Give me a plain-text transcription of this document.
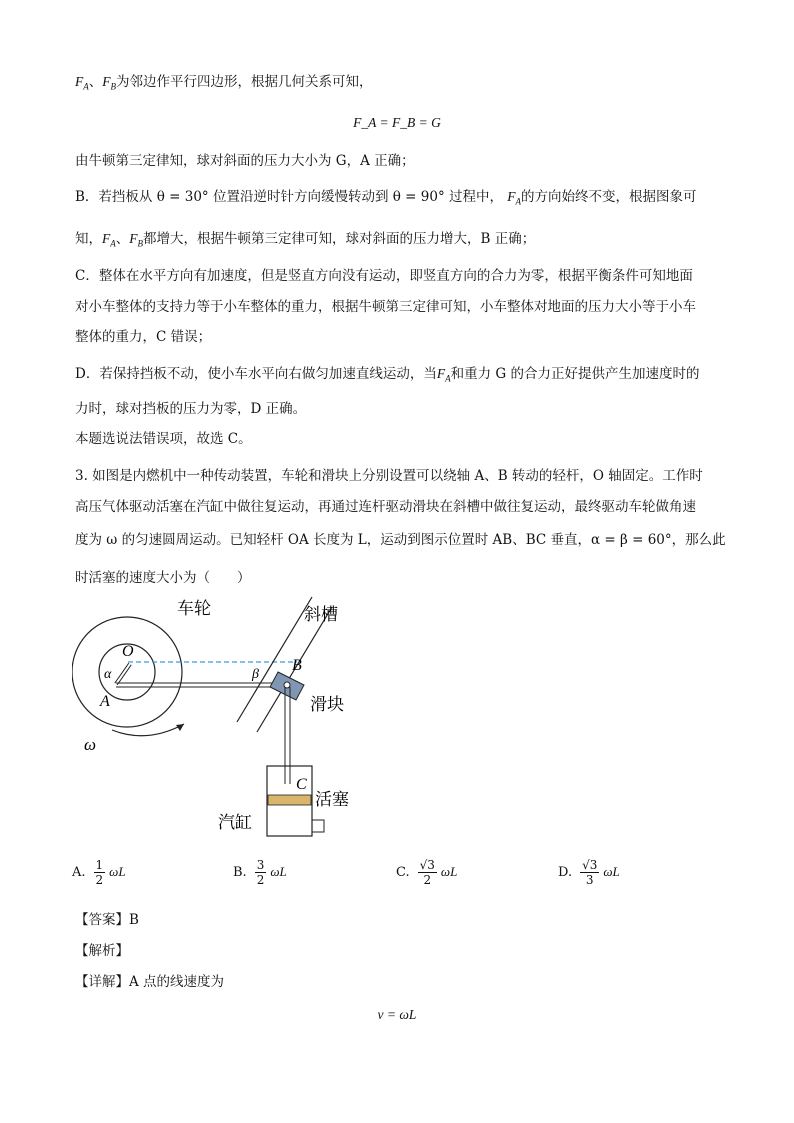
$F_A$、$F_B$为邻边作平行四边形，根据几何关系可知，
F_A = F_B = G
由牛顿第三定律知，球对斜面的压力大小为 G，A 正确；
B．若挡板从 θ = 30° 位置沿逆时针方向缓慢转动到 θ = 90° 过程中， $F_A$的方向始终不变，根据图象可
知，$F_A$、$F_B$都增大，根据牛顿第三定律可知，球对斜面的压力增大，B 正确；
C．整体在水平方向有加速度，但是竖直方向没有运动，即竖直方向的合力为零，根据平衡条件可知地面
对小车整体的支持力等于小车整体的重力，根据牛顿第三定律可知，小车整体对地面的压力大小等于小车
整体的重力，C 错误；
D．若保持挡板不动，使小车水平向右做匀加速直线运动，当$F_A$和重力 G 的合力正好提供产生加速度时的
力时，球对挡板的压力为零，D 正确。
本题选说法错误项，故选 C。
3. 如图是内燃机中一种传动装置，车轮和滑块上分别设置可以绕轴 A、B 转动的轻杆，O 轴固定。工作时
高压气体驱动活塞在汽缸中做往复运动，再通过连杆驱动滑块在斜槽中做往复运动，最终驱动车轮做角速
度为 ω 的匀速圆周运动。已知轻杆 OA 长度为 L，运动到图示位置时 AB、BC 垂直，α = β = 60°，那么此
时活塞的速度大小为（　　）
车轮
O
α
A
β
斜槽
B
滑块
C
活塞
汽缸
ω
A. $\frac{1}{2}$ ωL	B. $\frac{3}{2}$ ωL	C. $\frac{√3}{2}$ ωL	D. $\frac{√3}{3}$ ωL
【答案】B
【解析】
【详解】A 点的线速度为
v = ωL
